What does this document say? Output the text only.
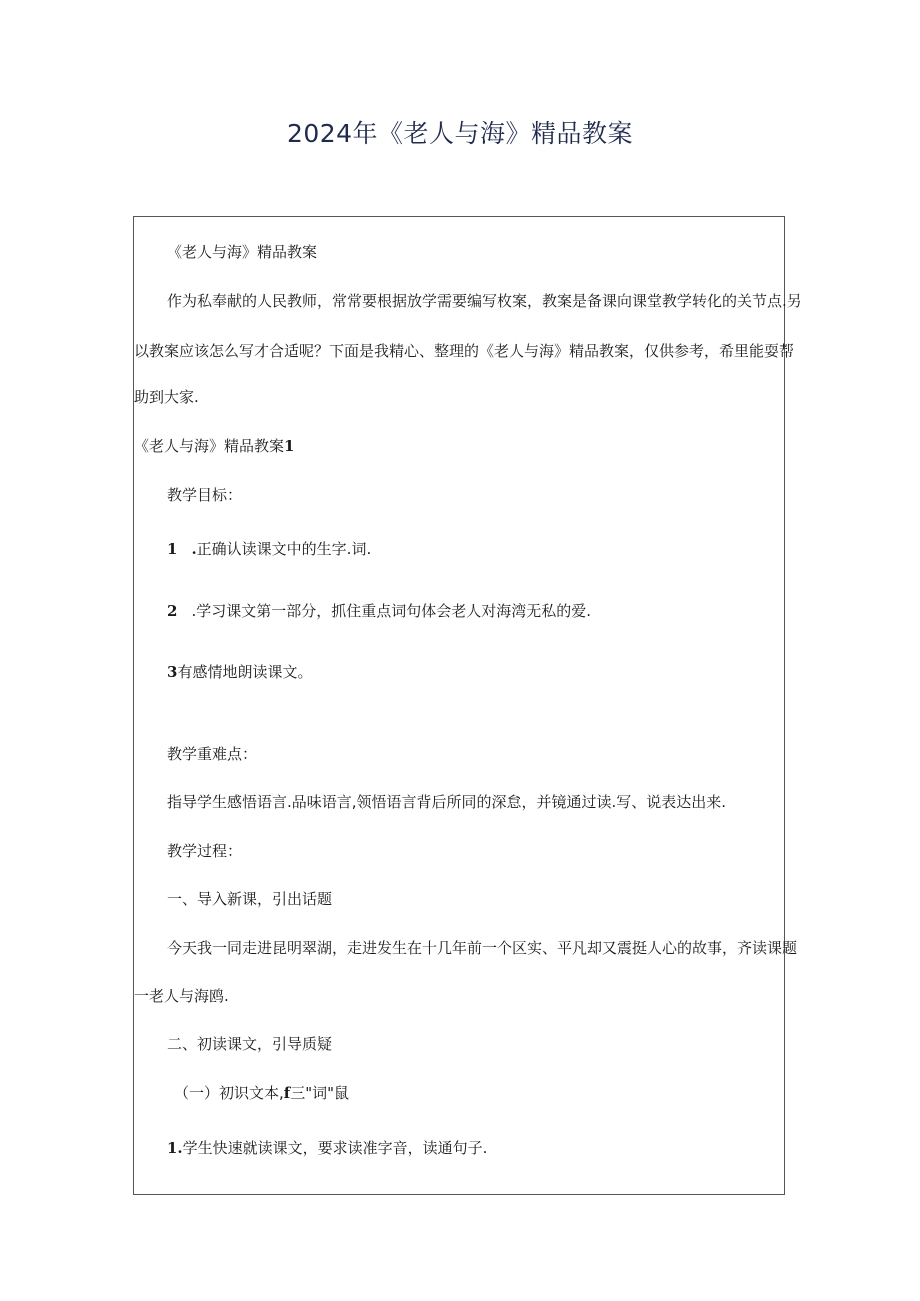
2024年《老人与海》精品教案
《老人与海》精品教案
作为私奉献的人民教师，常常要根据放学需要编写枚案，教案是备课向课堂教学转化的关节点.另
以教案应该怎么写才合适呢？下面是我精心、整理的《老人与海》精品教案，仅供参考，希里能耍帮
助到大家.
《老人与海》精品教案1
教学目标：
1 .正确认读课文中的生字.词.
2 .学习课文第一部分，抓住重点词句体会老人对海湾无私的爱.
3有感情地朗读课文。
教学重难点：
指导学生感悟语言.品味语言,领悟语言背后所同的深怠，并镜通过读.写、说表达出来.
教学过程：
一、导入新课，引出话题
今天我一同走进昆明翠湖，走进发生在十几年前一个区实、平凡却又震挺人心的故事，齐读课题
一老人与海鸥.
二、初读课文，引导质疑
（一）初识文本,f三"词"鼠
1.学生快速就读课文，要求读准字音，读通句子.
